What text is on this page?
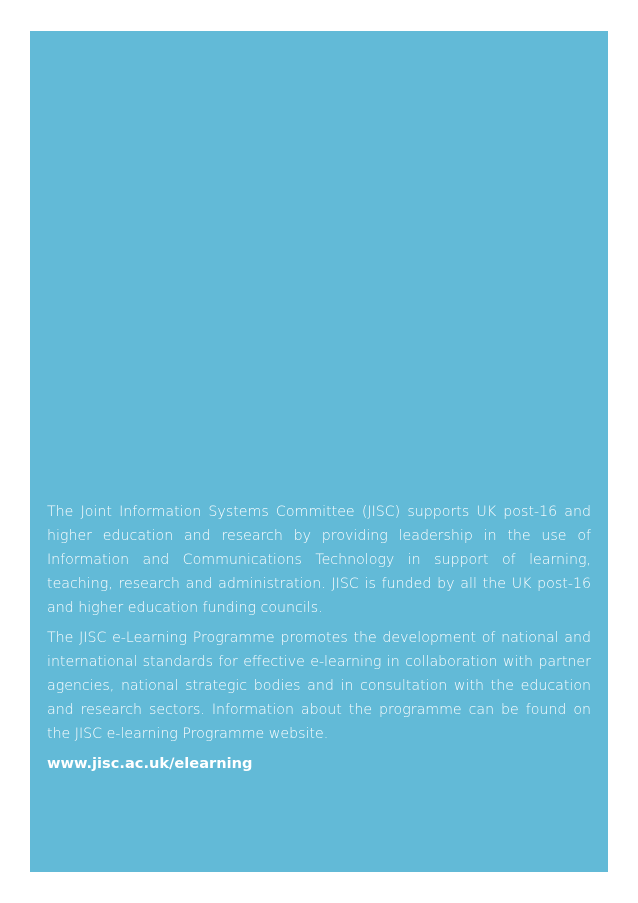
The Joint Information Systems Committee (JISC) supports UK post-16 and higher education and research by providing leadership in the use of Information and Communications Technology in support of learning, teaching, research and administration. JISC is funded by all the UK post-16 and higher education funding councils.

The JISC e-Learning Programme promotes the development of national and international standards for effective e-learning in collaboration with partner agencies, national strategic bodies and in consultation with the education and research sectors. Information about the programme can be found on the JISC e-learning Programme website.

www.jisc.ac.uk/elearning
